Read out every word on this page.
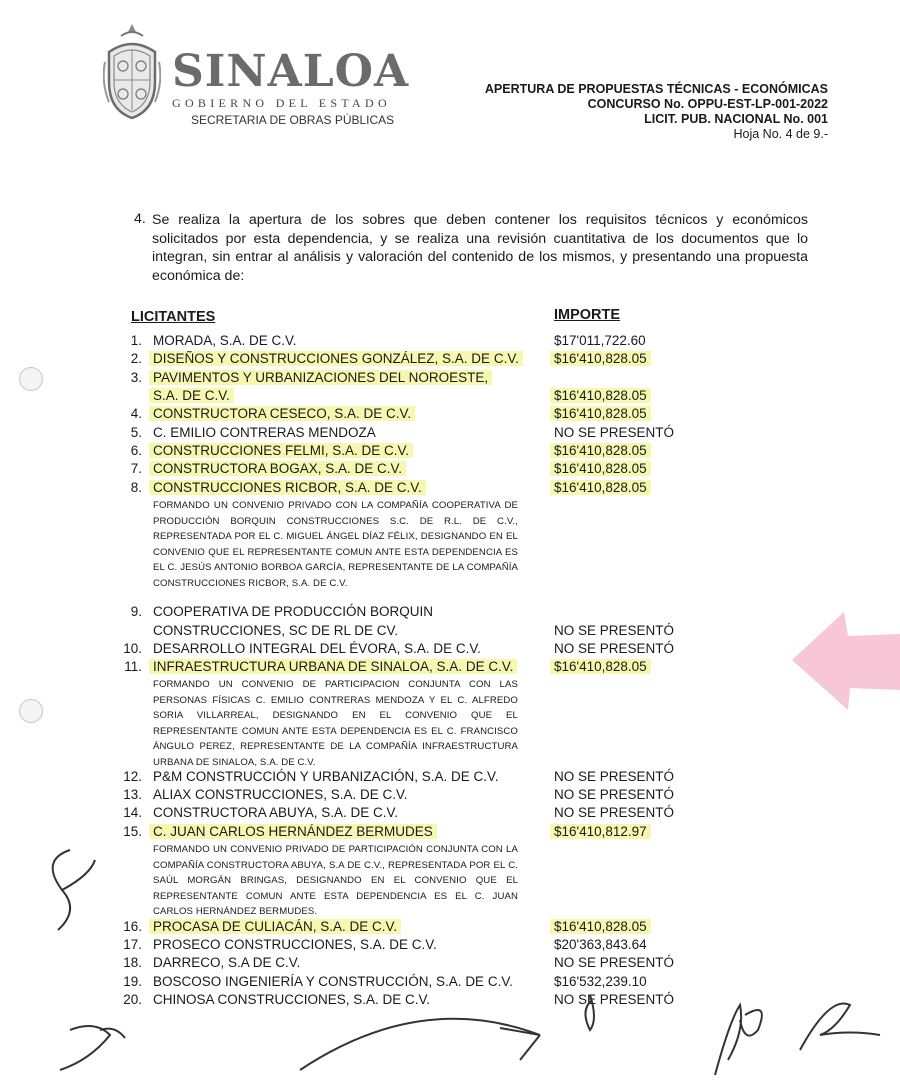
SINALOA
GOBIERNO DEL ESTADO
SECRETARIA DE OBRAS PÚBLICAS
APERTURA DE PROPUESTAS TÉCNICAS - ECONÓMICAS
CONCURSO No. OPPU-EST-LP-001-2022
LICIT. PUB. NACIONAL No. 001
Hoja No. 4 de 9.-
4. Se realiza la apertura de los sobres que deben contener los requisitos técnicos y económicos solicitados por esta dependencia, y se realiza una revisión cuantitativa de los documentos que lo integran, sin entrar al análisis y valoración del contenido de los mismos, y presentando una propuesta económica de:
LICITANTES	IMPORTE
1. MORADA, S.A. DE C.V.	$17'011,722.60
2. DISEÑOS Y CONSTRUCCIONES GONZÁLEZ, S.A. DE C.V.	$16'410,828.05
3. PAVIMENTOS Y URBANIZACIONES DEL NOROESTE,
S.A. DE C.V.	$16'410,828.05
4. CONSTRUCTORA CESECO, S.A. DE C.V.	$16'410,828.05
5. C. EMILIO CONTRERAS MENDOZA	NO SE PRESENTÓ
6. CONSTRUCCIONES FELMI, S.A. DE C.V.	$16'410,828.05
7. CONSTRUCTORA BOGAX, S.A. DE C.V.	$16'410,828.05
8. CONSTRUCCIONES RICBOR, S.A. DE C.V.	$16'410,828.05
FORMANDO UN CONVENIO PRIVADO CON LA COMPAÑÍA COOPERATIVA DE PRODUCCIÓN BORQUIN CONSTRUCCIONES S.C. DE R.L. DE C.V., REPRESENTADA POR EL C. MIGUEL ÁNGEL DÍAZ FÉLIX, DESIGNANDO EN EL CONVENIO QUE EL REPRESENTANTE COMUN ANTE ESTA DEPENDENCIA ES EL C. JESÚS ANTONIO BORBOA GARCÍA, REPRESENTANTE DE LA COMPAÑÍA CONSTRUCCIONES RICBOR, S.A. DE C.V.
9. COOPERATIVA DE PRODUCCIÓN BORQUIN
CONSTRUCCIONES, SC DE RL DE CV.	NO SE PRESENTÓ
10. DESARROLLO INTEGRAL DEL ÉVORA, S.A. DE C.V.	NO SE PRESENTÓ
11. INFRAESTRUCTURA URBANA DE SINALOA, S.A. DE C.V.	$16'410,828.05
FORMANDO UN CONVENIO DE PARTICIPACION CONJUNTA CON LAS PERSONAS FÍSICAS C. EMILIO CONTRERAS MENDOZA Y EL C. ALFREDO SORIA VILLARREAL, DESIGNANDO EN EL CONVENIO QUE EL REPRESENTANTE COMUN ANTE ESTA DEPENDENCIA ES EL C. FRANCISCO ÁNGULO PEREZ, REPRESENTANTE DE LA COMPAÑÍA INFRAESTRUCTURA URBANA DE SINALOA, S.A. DE C.V.
12. P&M CONSTRUCCIÓN Y URBANIZACIÓN, S.A. DE C.V.	NO SE PRESENTÓ
13. ALIAX CONSTRUCCIONES, S.A. DE C.V.	NO SE PRESENTÓ
14. CONSTRUCTORA ABUYA, S.A. DE C.V.	NO SE PRESENTÓ
15. C. JUAN CARLOS HERNÁNDEZ BERMUDES	$16'410,812.97
FORMANDO UN CONVENIO PRIVADO DE PARTICIPACIÓN CONJUNTA CON LA COMPAÑÍA CONSTRUCTORA ABUYA, S.A DE C.V., REPRESENTADA POR EL C. SAÚL MORGÁN BRINGAS, DESIGNANDO EN EL CONVENIO QUE EL REPRESENTANTE COMUN ANTE ESTA DEPENDENCIA ES EL C. JUAN CARLOS HERNÁNDEZ BERMUDES.
16. PROCASA DE CULIACÁN, S.A. DE C.V.	$16'410,828.05
17. PROSECO CONSTRUCCIONES, S.A. DE C.V.	$20'363,843.64
18. DARRECO, S.A DE C.V.	NO SE PRESENTÓ
19. BOSCOSO INGENIERÍA Y CONSTRUCCIÓN, S.A. DE C.V.	$16'532,239.10
20. CHINOSA CONSTRUCCIONES, S.A. DE C.V.	NO SE PRESENTÓ
